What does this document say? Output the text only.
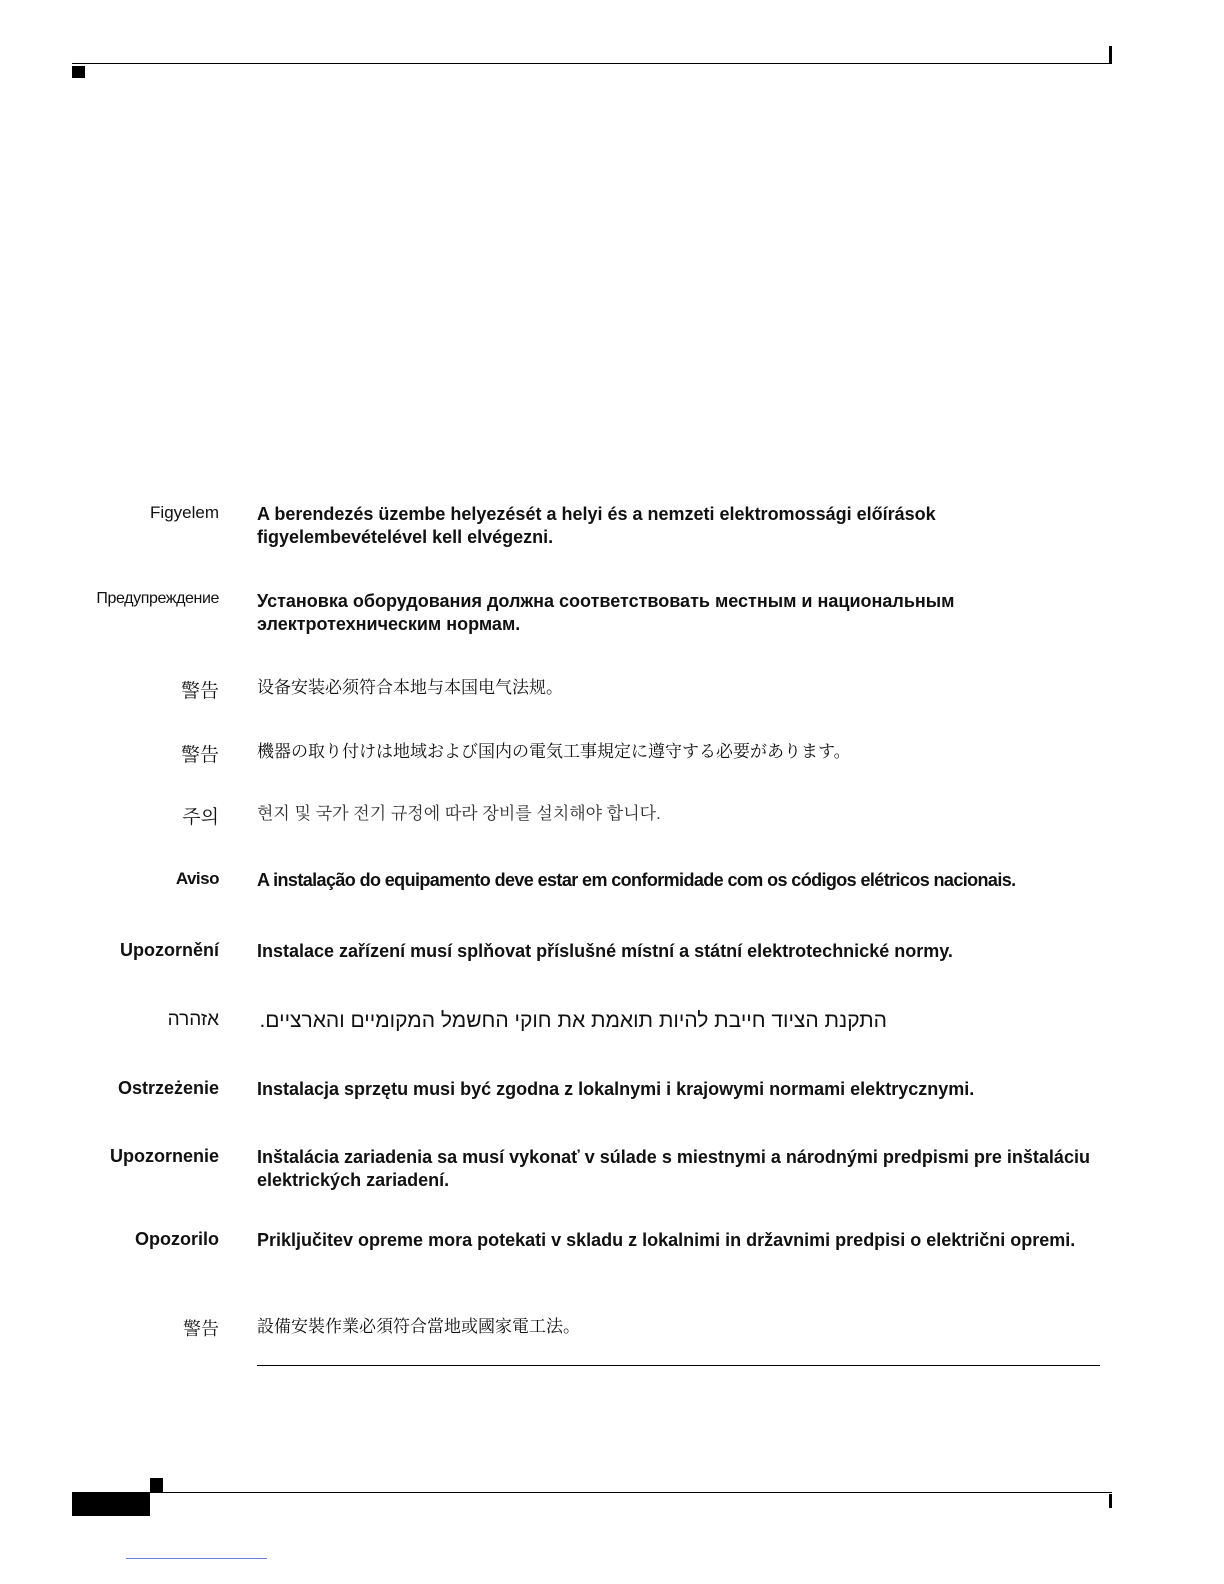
Figyelem A berendezés üzembe helyezését a helyi és a nemzeti elektromossági előírások figyelembevételével kell elvégezni.
Предупреждение Установка оборудования должна соответствовать местным и национальным электротехническим нормам.
警告 设备安装必须符合本地与本国电气法规。
警告 機器の取り付けは地域および国内の電気工事規定に遵守する必要があります。
주의 현지 및 국가 전기 규정에 따라 장비를 설치해야 합니다.
Aviso A instalação do equipamento deve estar em conformidade com os códigos elétricos nacionais.
Upozornění Instalace zařízení musí splňovat příslušné místní a státní elektrotechnické normy.
אזהרה התקנת הציוד חייבת להיות תואמת את חוקי החשמל המקומיים והארציים.
Ostrzeżenie Instalacja sprzętu musi być zgodna z lokalnymi i krajowymi normami elektrycznymi.
Upozornenie Inštalácia zariadenia sa musí vykonať v súlade s miestnymi a národnými predpismi pre inštaláciu elektrických zariadení.
Opozorilo Priključitev opreme mora potekati v skladu z lokalnimi in državnimi predpisi o električni opremi.
警告 設備安裝作業必須符合當地或國家電工法。
